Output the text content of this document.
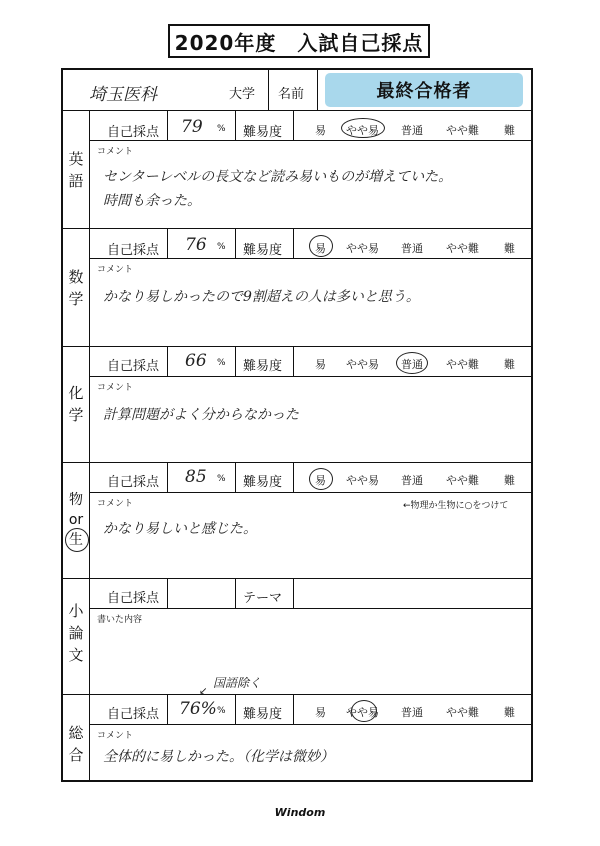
2020年度　入試自己採点
埼玉医科	大学 名前	最終合格者
英
語
自己採点 79 % 難易度	易 やや易 普通 やや難 難
コメント
センターレベルの長文など読み易いものが増えていた。
時間も余った。
数
学
自己採点 76 % 難易度	易 やや易 普通 やや難 難
コメント
かなり易しかったので9割超えの人は多いと思う。
化
学
自己採点 66 % 難易度	易 やや易 普通 やや難 難
コメント
計算問題がよく分からなかった
物
or
生
自己採点 85 % 難易度	易 やや易 普通 やや難 難
コメント	←物理か生物に○をつけて
かなり易しいと感じた。
小
論
文
自己採点	テーマ
書いた内容
国語除く
↙
総
合
自己採点 76% % 難易度	易 やや易 普通 やや難 難
コメント
全体的に易しかった。（化学は微妙）
Windom
